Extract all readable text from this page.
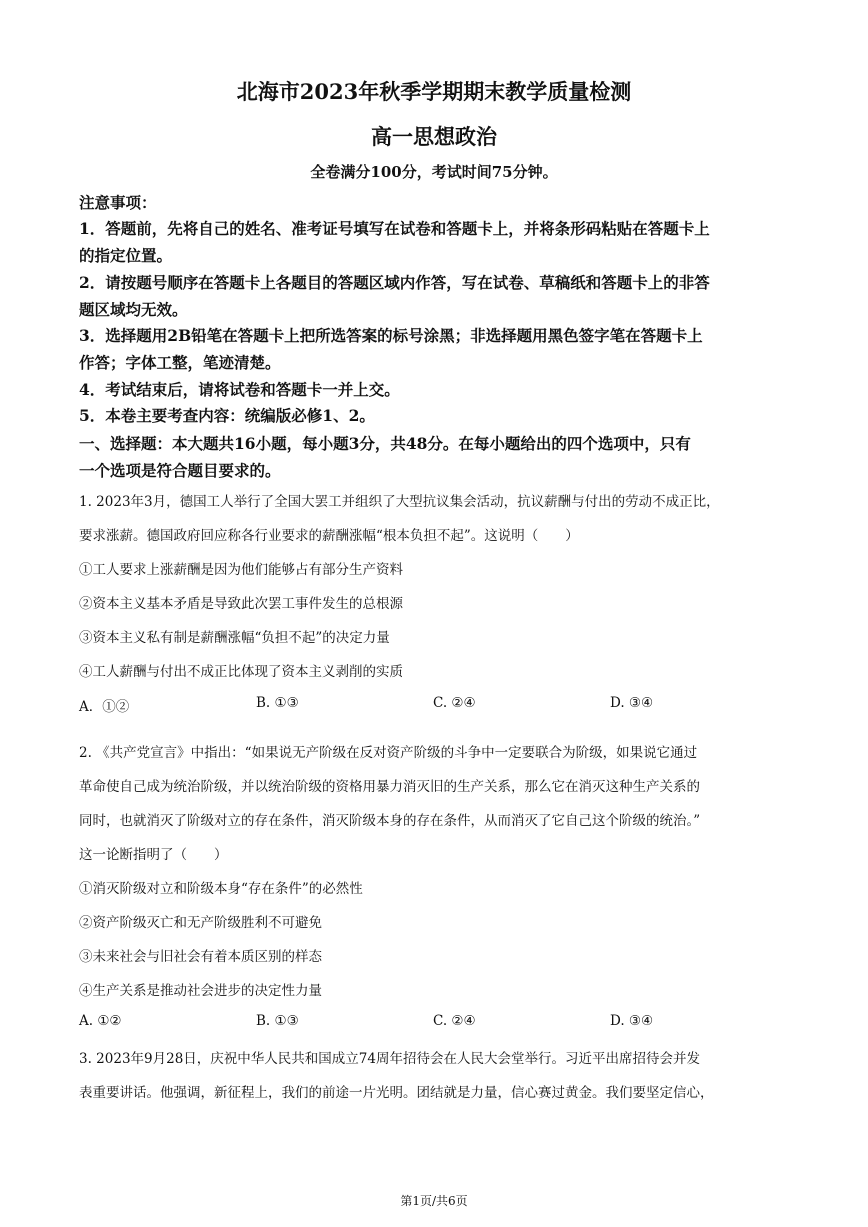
北海市2023年秋季学期期末教学质量检测
高一思想政治
全卷满分100分，考试时间75分钟。
注意事项：
1．答题前，先将自己的姓名、准考证号填写在试卷和答题卡上，并将条形码粘贴在答题卡上
的指定位置。
2．请按题号顺序在答题卡上各题目的答题区域内作答，写在试卷、草稿纸和答题卡上的非答
题区域均无效。
3．选择题用2B铅笔在答题卡上把所选答案的标号涂黑；非选择题用黑色签字笔在答题卡上
作答；字体工整，笔迹清楚。
4．考试结束后，请将试卷和答题卡一并上交。
5．本卷主要考查内容：统编版必修1、2。
一、选择题：本大题共16小题，每小题3分，共48分。在每小题给出的四个选项中，只有
一个选项是符合题目要求的。
1. 2023年3月，德国工人举行了全国大罢工并组织了大型抗议集会活动，抗议薪酬与付出的劳动不成正比，
要求涨薪。德国政府回应称各行业要求的薪酬涨幅“根本负担不起”。这说明（　　）
①工人要求上涨薪酬是因为他们能够占有部分生产资料
②资本主义基本矛盾是导致此次罢工事件发生的总根源
③资本主义私有制是薪酬涨幅“负担不起”的决定力量
④工人薪酬与付出不成正比体现了资本主义剥削的实质
A．①②	B. ①③	C. ②④	D. ③④
2. 《共产党宣言》中指出：“如果说无产阶级在反对资产阶级的斗争中一定要联合为阶级，如果说它通过
革命使自己成为统治阶级，并以统治阶级的资格用暴力消灭旧的生产关系，那么它在消灭这种生产关系的
同时，也就消灭了阶级对立的存在条件，消灭阶级本身的存在条件，从而消灭了它自己这个阶级的统治。”
这一论断指明了（　　）
①消灭阶级对立和阶级本身“存在条件”的必然性
②资产阶级灭亡和无产阶级胜利不可避免
③未来社会与旧社会有着本质区别的样态
④生产关系是推动社会进步的决定性力量
A. ①②	B. ①③	C. ②④	D. ③④
3. 2023年9月28日，庆祝中华人民共和国成立74周年招待会在人民大会堂举行。习近平出席招待会并发
表重要讲话。他强调，新征程上，我们的前途一片光明。团结就是力量，信心赛过黄金。我们要坚定信心，
第1页/共6页
